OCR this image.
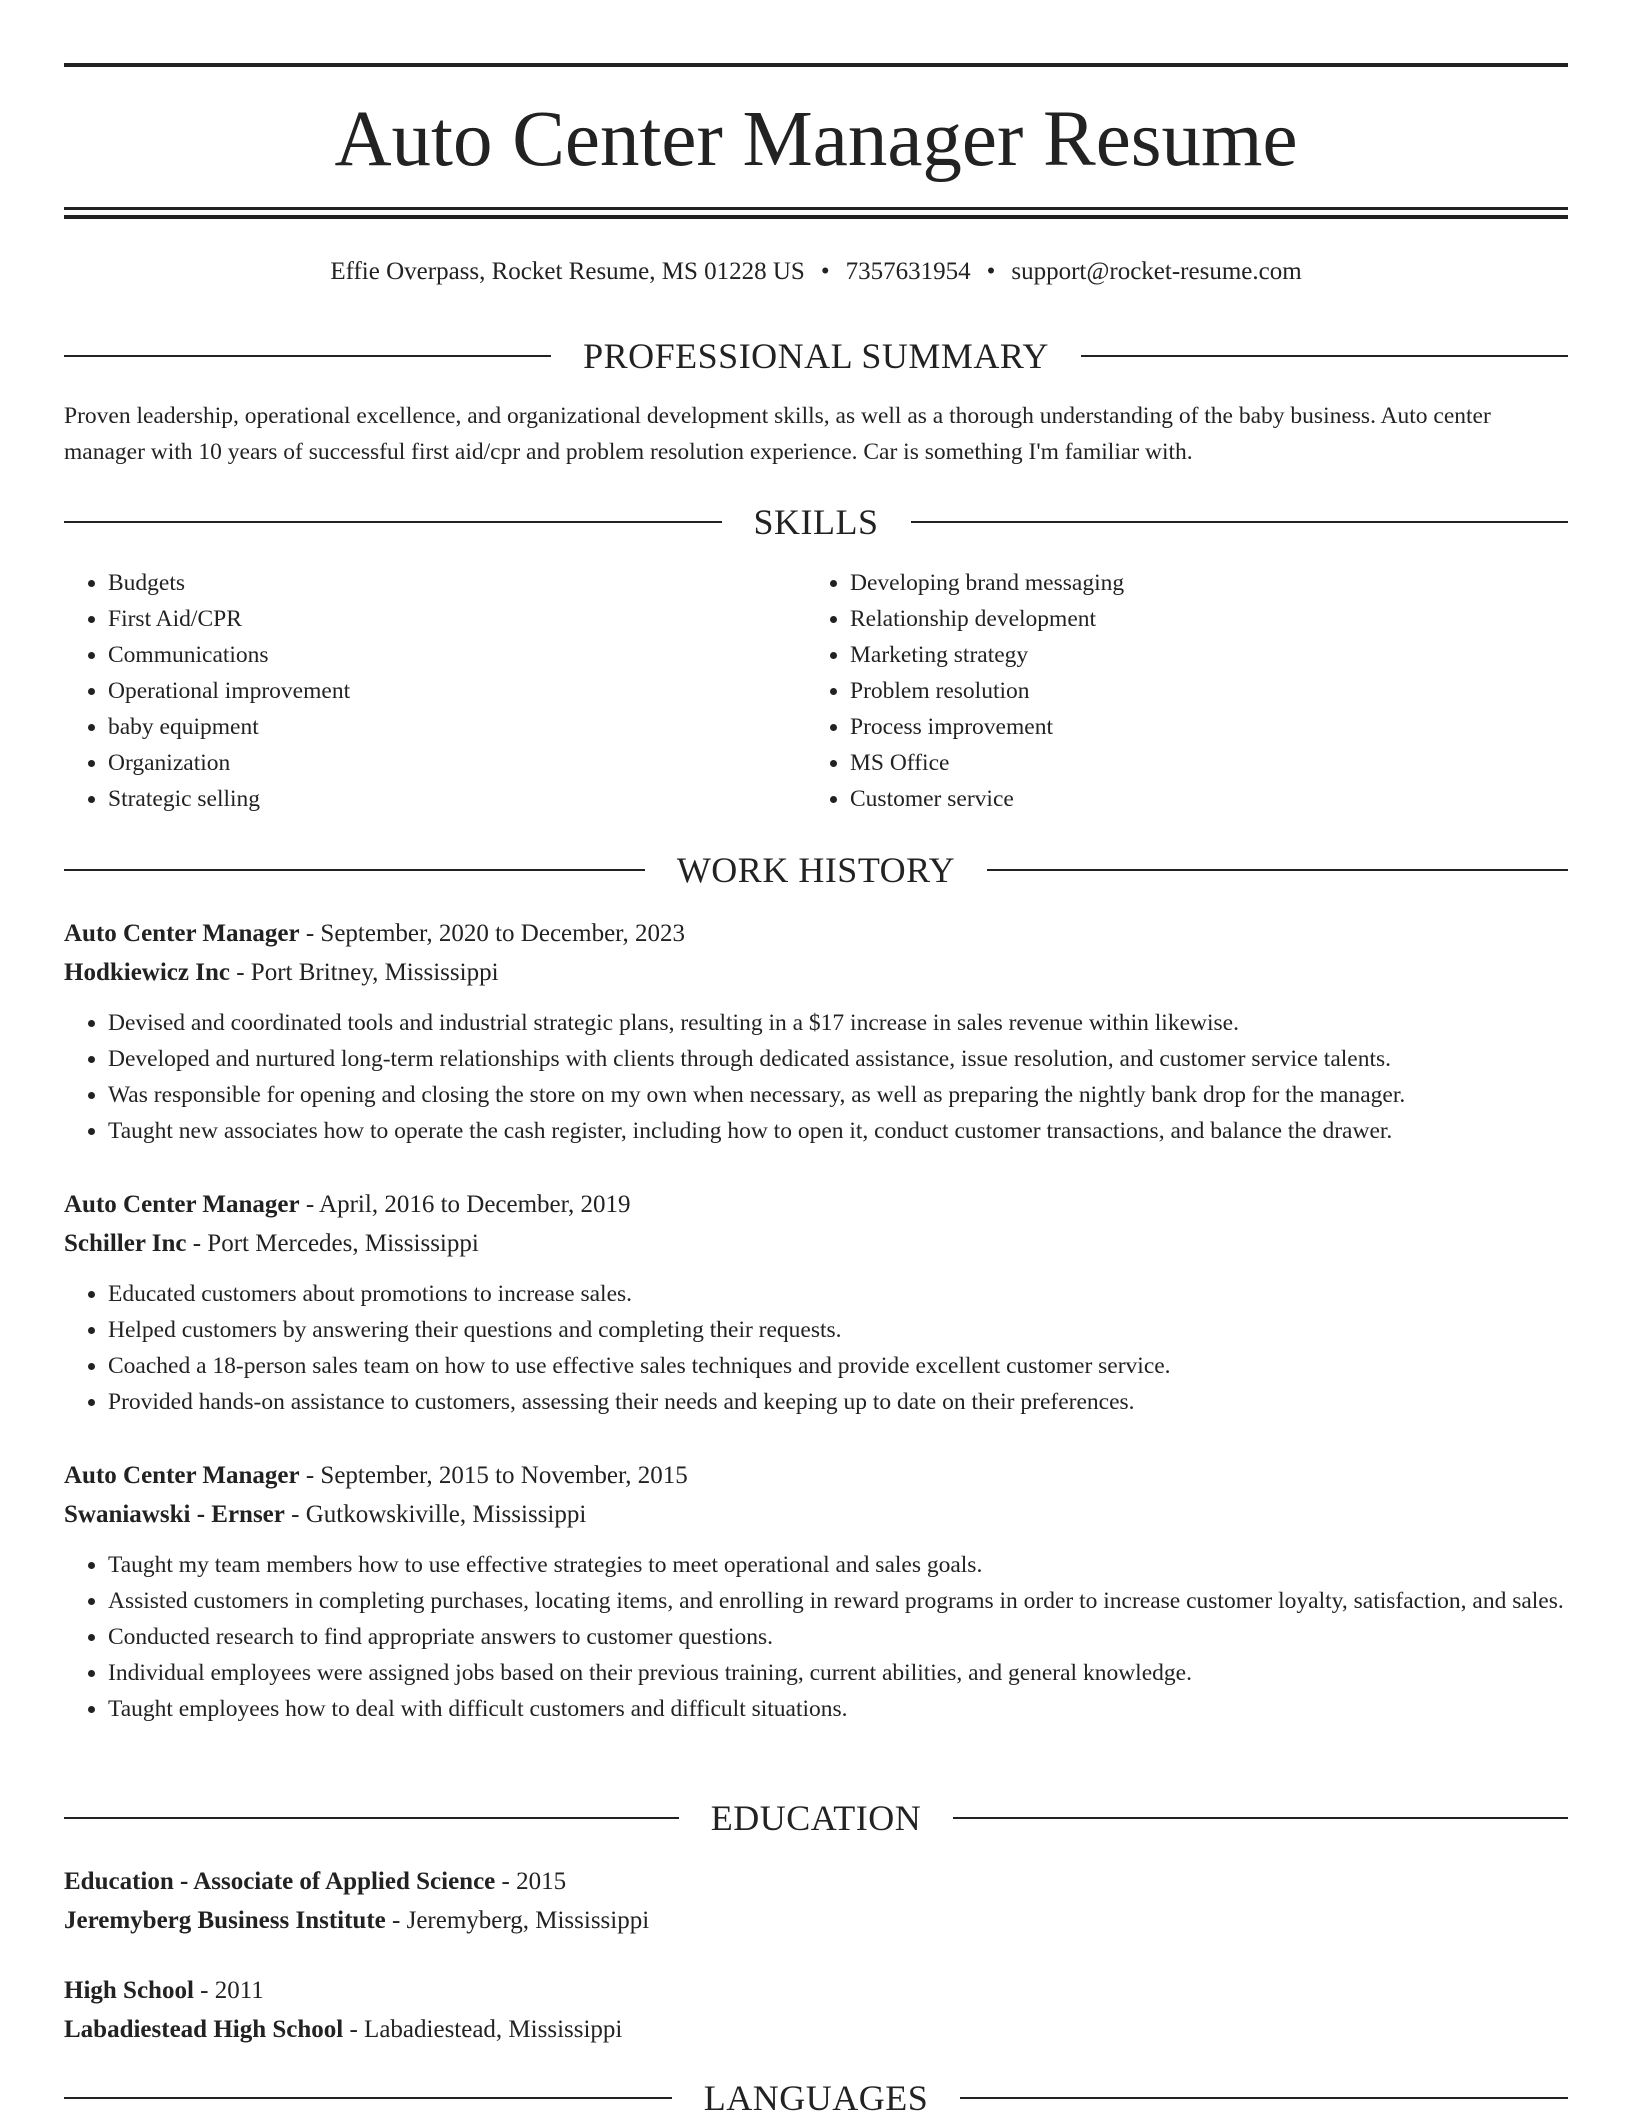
Auto Center Manager Resume
Effie Overpass, Rocket Resume, MS 01228 US • 7357631954 • support@rocket-resume.com
PROFESSIONAL SUMMARY

Proven leadership, operational excellence, and organizational development skills, as well as a thorough understanding of the baby business. Auto center manager with 10 years of successful first aid/cpr and problem resolution experience. Car is something I'm familiar with.

SKILLS
• Budgets
• First Aid/CPR
• Communications
• Operational improvement
• baby equipment
• Organization
• Strategic selling
• Developing brand messaging
• Relationship development
• Marketing strategy
• Problem resolution
• Process improvement
• MS Office
• Customer service
WORK HISTORY
Auto Center Manager - September, 2020 to December, 2023
Hodkiewicz Inc - Port Britney, Mississippi
• Devised and coordinated tools and industrial strategic plans, resulting in a $17 increase in sales revenue within likewise.
• Developed and nurtured long-term relationships with clients through dedicated assistance, issue resolution, and customer service talents.
• Was responsible for opening and closing the store on my own when necessary, as well as preparing the nightly bank drop for the manager.
• Taught new associates how to operate the cash register, including how to open it, conduct customer transactions, and balance the drawer.
Auto Center Manager - April, 2016 to December, 2019
Schiller Inc - Port Mercedes, Mississippi
• Educated customers about promotions to increase sales.
• Helped customers by answering their questions and completing their requests.
• Coached a 18-person sales team on how to use effective sales techniques and provide excellent customer service.
• Provided hands-on assistance to customers, assessing their needs and keeping up to date on their preferences.
Auto Center Manager - September, 2015 to November, 2015
Swaniawski - Ernser - Gutkowskiville, Mississippi
• Taught my team members how to use effective strategies to meet operational and sales goals.
• Assisted customers in completing purchases, locating items, and enrolling in reward programs in order to increase customer loyalty, satisfaction, and sales.
• Conducted research to find appropriate answers to customer questions.
• Individual employees were assigned jobs based on their previous training, current abilities, and general knowledge.
• Taught employees how to deal with difficult customers and difficult situations.
EDUCATION
Education - Associate of Applied Science - 2015
Jeremyberg Business Institute - Jeremyberg, Mississippi
High School - 2011
Labadiestead High School - Labadiestead, Mississippi
LANGUAGES
